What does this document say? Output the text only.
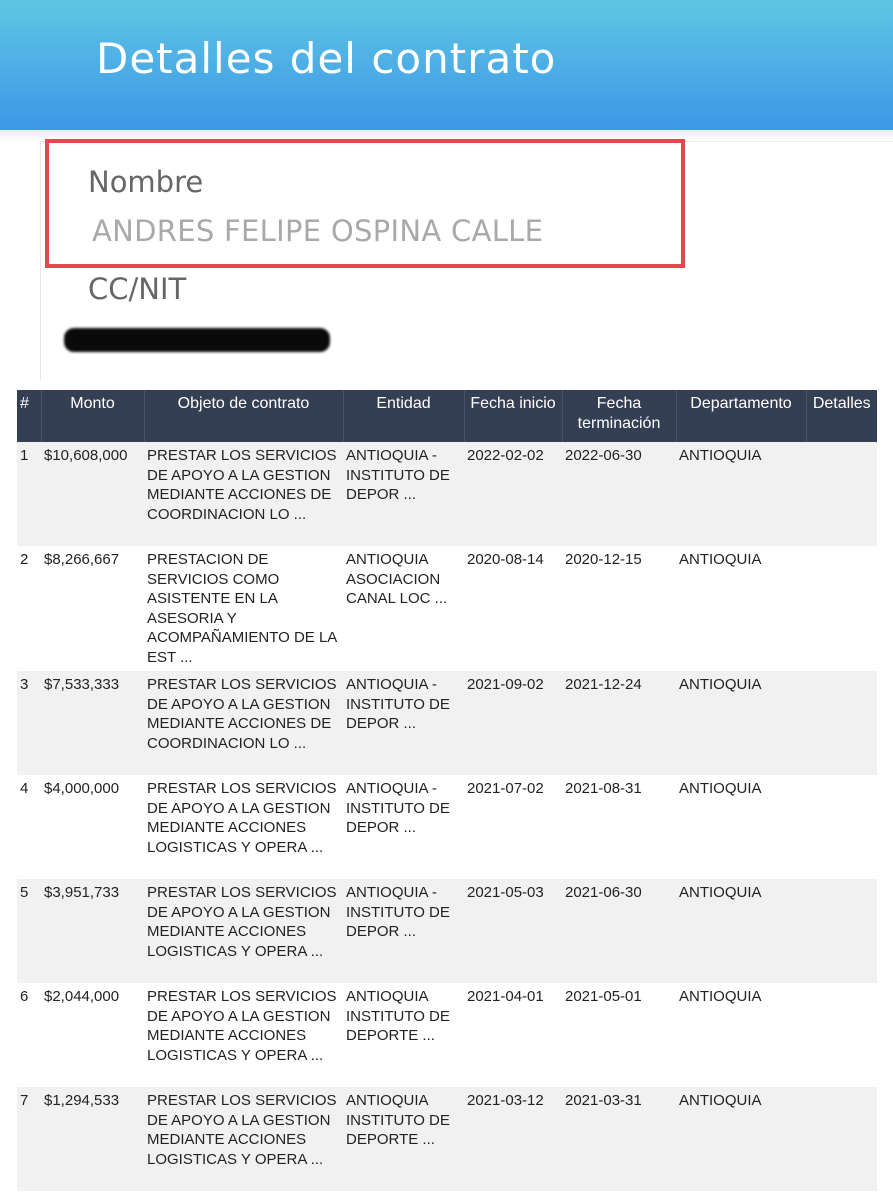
Detalles del contrato
Nombre
ANDRES FELIPE OSPINA CALLE
CC/NIT
#	Monto	Objeto de contrato	Entidad	Fecha inicio	Fecha terminación	Departamento	Detalles
1	$10,608,000	PRESTAR LOS SERVICIOS DE APOYO A LA GESTION MEDIANTE ACCIONES DE COORDINACION LO ...	ANTIOQUIA - INSTITUTO DE DEPOR ...	2022-02-02	2022-06-30	ANTIOQUIA	
2	$8,266,667	PRESTACION DE SERVICIOS COMO ASISTENTE EN LA ASESORIA Y ACOMPAÑAMIENTO DE LA EST ...	ANTIOQUIA ASOCIACION CANAL LOC ...	2020-08-14	2020-12-15	ANTIOQUIA	
3	$7,533,333	PRESTAR LOS SERVICIOS DE APOYO A LA GESTION MEDIANTE ACCIONES DE COORDINACION LO ...	ANTIOQUIA - INSTITUTO DE DEPOR ...	2021-09-02	2021-12-24	ANTIOQUIA	
4	$4,000,000	PRESTAR LOS SERVICIOS DE APOYO A LA GESTION MEDIANTE ACCIONES LOGISTICAS Y OPERA ...	ANTIOQUIA - INSTITUTO DE DEPOR ...	2021-07-02	2021-08-31	ANTIOQUIA	
5	$3,951,733	PRESTAR LOS SERVICIOS DE APOYO A LA GESTION MEDIANTE ACCIONES LOGISTICAS Y OPERA ...	ANTIOQUIA - INSTITUTO DE DEPOR ...	2021-05-03	2021-06-30	ANTIOQUIA	
6	$2,044,000	PRESTAR LOS SERVICIOS DE APOYO A LA GESTION MEDIANTE ACCIONES LOGISTICAS Y OPERA ...	ANTIOQUIA INSTITUTO DE DEPORTE ...	2021-04-01	2021-05-01	ANTIOQUIA	
7	$1,294,533	PRESTAR LOS SERVICIOS DE APOYO A LA GESTION MEDIANTE ACCIONES LOGISTICAS Y OPERA ...	ANTIOQUIA INSTITUTO DE DEPORTE ...	2021-03-12	2021-03-31	ANTIOQUIA	
